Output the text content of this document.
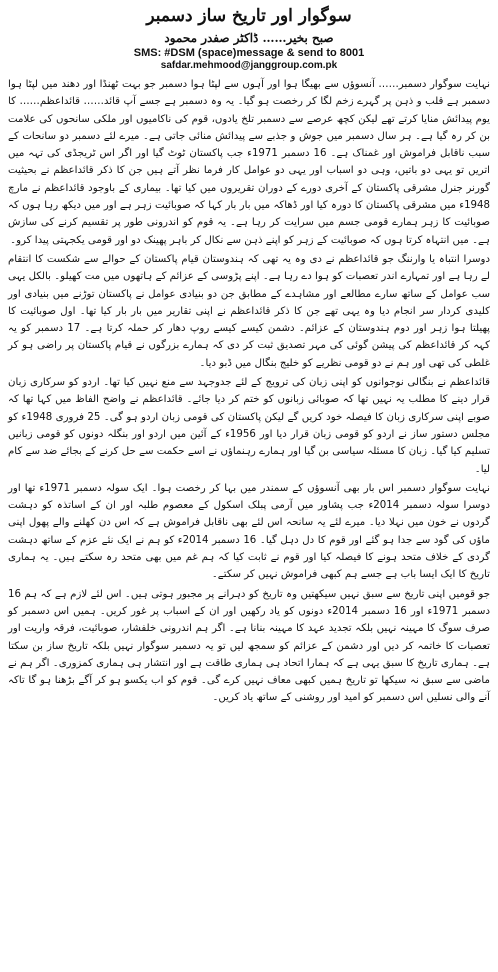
سوگوار اور تاریخ ساز دسمبر
صبح بخیر…… ڈاکٹر صفدر محمود
SMS: #DSM (space)message & send to 8001
safdar.mehmood@janggroup.com.pk

نہایت سوگوار دسمبر…… آنسوؤں سے بھیگا ہوا اور آہوں سے لپٹا ہوا دسمبر جو بہت ٹھنڈا اور دھند میں لپٹا ہوا دسمبر ہے قلب و ذہن پر گہرے زخم لگا کر رخصت ہو گیا۔ یہ وہ دسمبر ہے جسے آپ قائد…… قائداعظم…… کا یوم پیدائش منایا کرتے تھے لیکن کچھ عرصے سے دسمبر تلخ یادوں، قوم کی ناکامیوں اور ملکی سانحوں کی علامت بن کر رہ گیا ہے۔ ہر سال دسمبر میں جوش و جذبے سے پیدائش منائی جاتی ہے۔ میرے لئے دسمبر دو سانحات کے سبب ناقابل فراموش اور غمناک ہے۔ 16 دسمبر 1971ء جب پاکستان ٹوٹ گیا اور اگر اس ٹریجڈی کی تہہ میں اتریں تو یہی دو باتیں، وہی دو اسباب اور یہی دو عوامل کار فرما نظر آتے ہیں جن کا ذکر قائداعظم نے بحیثیت گورنر جنرل مشرقی پاکستان کے آخری دورے کے دوران تقریروں میں کیا تھا۔ بیماری کے باوجود قائداعظم نے مارچ 1948ء میں مشرقی پاکستان کا دورہ کیا اور ڈھاکہ میں بار بار کہا کہ صوبائیت زہر ہے اور میں دیکھ رہا ہوں کہ صوبائیت کا زہر ہمارے قومی جسم میں سرایت کر رہا ہے۔ یہ قوم کو اندرونی طور پر تقسیم کرنے کی سازش ہے۔ میں انتہاہ کرتا ہوں کہ صوبائیت کے زہر کو اپنے ذہن سے نکال کر باہر پھینک دو اور قومی یکجہتی پیدا کرو۔

دوسرا انتباہ یا وارننگ جو قائداعظم نے دی وہ یہ تھی کہ ہندوستان قیام پاکستان کے حوالے سے شکست کا انتقام لے رہا ہے اور تمہارے اندر تعصبات کو ہوا دے رہا ہے۔ اپنے پڑوسی کے عزائم کے ہاتھوں میں مت کھیلو۔ بالکل یہی سب عوامل کے ساتھ سارے مطالعے اور مشاہدے کے مطابق جن دو بنیادی عوامل نے پاکستان توڑنے میں بنیادی اور کلیدی کردار سر انجام دیا وہ یہی تھے جن کا ذکر قائداعظم نے اپنی تقاریر میں بار بار کیا تھا۔ اول صوبائیت کا پھیلتا ہوا زہر اور دوم ہندوستان کے عزائم۔ دشمن کیسے کیسے روپ دھار کر حملہ کرتا ہے۔ 17 دسمبر کو یہ کہہ کر قائداعظم کی پیشن گوئی کی مہر تصدیق ثبت کر دی کہ ہمارے بزرگوں نے قیام پاکستان پر راضی ہو کر غلطی کی تھی اور ہم نے دو قومی نظریے کو خلیج بنگال میں ڈبو دیا۔

قائداعظم نے بنگالی نوجوانوں کو اپنی زبان کی ترویج کے لئے جدوجہد سے منع نہیں کیا تھا۔ اردو کو سرکاری زبان قرار دینے کا مطلب یہ نہیں تھا کہ صوبائی زبانوں کو ختم کر دیا جائے۔ قائداعظم نے واضح الفاظ میں کہا تھا کہ صوبے اپنی سرکاری زبان کا فیصلہ خود کریں گے لیکن پاکستان کی قومی زبان اردو ہو گی۔ 25 فروری 1948ء کو مجلس دستور ساز نے اردو کو قومی زبان قرار دیا اور 1956ء کے آئین میں اردو اور بنگلہ دونوں کو قومی زبانیں تسلیم کیا گیا۔ زبان کا مسئلہ سیاسی بن گیا اور ہمارے رہنماؤں نے اسے حکمت سے حل کرنے کے بجائے ضد سے کام لیا۔

نہایت سوگوار دسمبر اس بار بھی آنسوؤں کے سمندر میں بہا کر رخصت ہوا۔ ایک سولہ دسمبر 1971ء تھا اور دوسرا سولہ دسمبر 2014ء جب پشاور میں آرمی پبلک اسکول کے معصوم طلبہ اور ان کے اساتذہ کو دہشت گردوں نے خون میں نہلا دیا۔ میرے لئے یہ سانحہ اس لئے بھی ناقابل فراموش ہے کہ اس دن کھلنے والے پھول اپنی ماؤں کی گود سے جدا ہو گئے اور قوم کا دل دہل گیا۔ 16 دسمبر 2014ء کو ہم نے ایک نئے عزم کے ساتھ دہشت گردی کے خلاف متحد ہونے کا فیصلہ کیا اور قوم نے ثابت کیا کہ ہم غم میں بھی متحد رہ سکتے ہیں۔ یہ ہماری تاریخ کا ایک ایسا باب ہے جسے ہم کبھی فراموش نہیں کر سکتے۔

جو قومیں اپنی تاریخ سے سبق نہیں سیکھتیں وہ تاریخ کو دہرانے پر مجبور ہوتی ہیں۔ اس لئے لازم ہے کہ ہم 16 دسمبر 1971ء اور 16 دسمبر 2014ء دونوں کو یاد رکھیں اور ان کے اسباب پر غور کریں۔ ہمیں اس دسمبر کو صرف سوگ کا مہینہ نہیں بلکہ تجدید عہد کا مہینہ بنانا ہے۔ اگر ہم اندرونی خلفشار، صوبائیت، فرقہ واریت اور تعصبات کا خاتمہ کر دیں اور دشمن کے عزائم کو سمجھ لیں تو یہ دسمبر سوگوار نہیں بلکہ تاریخ ساز بن سکتا ہے۔ ہماری تاریخ کا سبق یہی ہے کہ ہمارا اتحاد ہی ہماری طاقت ہے اور انتشار ہی ہماری کمزوری۔ اگر ہم نے ماضی سے سبق نہ سیکھا تو تاریخ ہمیں کبھی معاف نہیں کرے گی۔ قوم کو اب یکسو ہو کر آگے بڑھنا ہو گا تاکہ آنے والی نسلیں اس دسمبر کو امید اور روشنی کے ساتھ یاد کریں۔
